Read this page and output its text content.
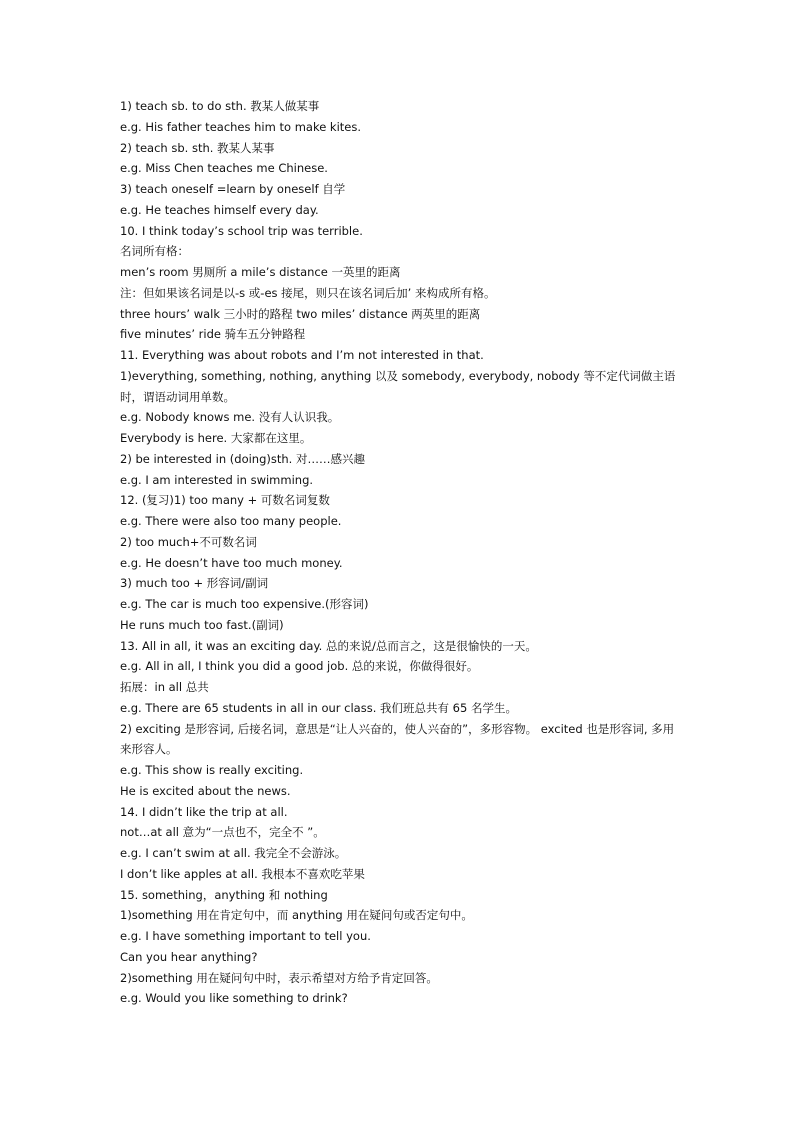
1) teach sb. to do sth. 教某人做某事
e.g. His father teaches him to make kites.
2) teach sb. sth. 教某人某事
e.g. Miss Chen teaches me Chinese.
3) teach oneself =learn by oneself 自学
e.g. He teaches himself every day.
10. I think today’s school trip was terrible.
名词所有格：
men’s room 男厕所 a mile’s distance 一英里的距离
注：但如果该名词是以-s 或-es 接尾，则只在该名词后加’ 来构成所有格。
three hours’ walk 三小时的路程 two miles’ distance 两英里的距离
five minutes’ ride 骑车五分钟路程
11. Everything was about robots and I’m not interested in that.
1)everything, something, nothing, anything 以及 somebody, everybody, nobody 等不定代词做主语时，谓语动词用单数。
e.g. Nobody knows me. 没有人认识我。
Everybody is here. 大家都在这里。
2) be interested in (doing)sth. 对……感兴趣
e.g. I am interested in swimming.
12. (复习)1) too many + 可数名词复数
e.g. There were also too many people.
2) too much+不可数名词
e.g. He doesn’t have too much money.
3) much too + 形容词/副词
e.g. The car is much too expensive.(形容词)
He runs much too fast.(副词)
13. All in all, it was an exciting day. 总的来说/总而言之，这是很愉快的一天。
e.g. All in all, I think you did a good job. 总的来说，你做得很好。
拓展：in all 总共
e.g. There are 65 students in all in our class. 我们班总共有 65 名学生。
2) exciting 是形容词, 后接名词，意思是“让人兴奋的，使人兴奋的”，多形容物。 excited 也是形容词, 多用来形容人。
e.g. This show is really exciting.
He is excited about the news.
14. I didn’t like the trip at all.
not…at all 意为“一点也不，完全不 ”。
e.g. I can’t swim at all. 我完全不会游泳。
I don’t like apples at all. 我根本不喜欢吃苹果
15. something，anything 和 nothing
1)something 用在肯定句中，而 anything 用在疑问句或否定句中。
e.g. I have something important to tell you.
Can you hear anything?
2)something 用在疑问句中时，表示希望对方给予肯定回答。
e.g. Would you like something to drink?
